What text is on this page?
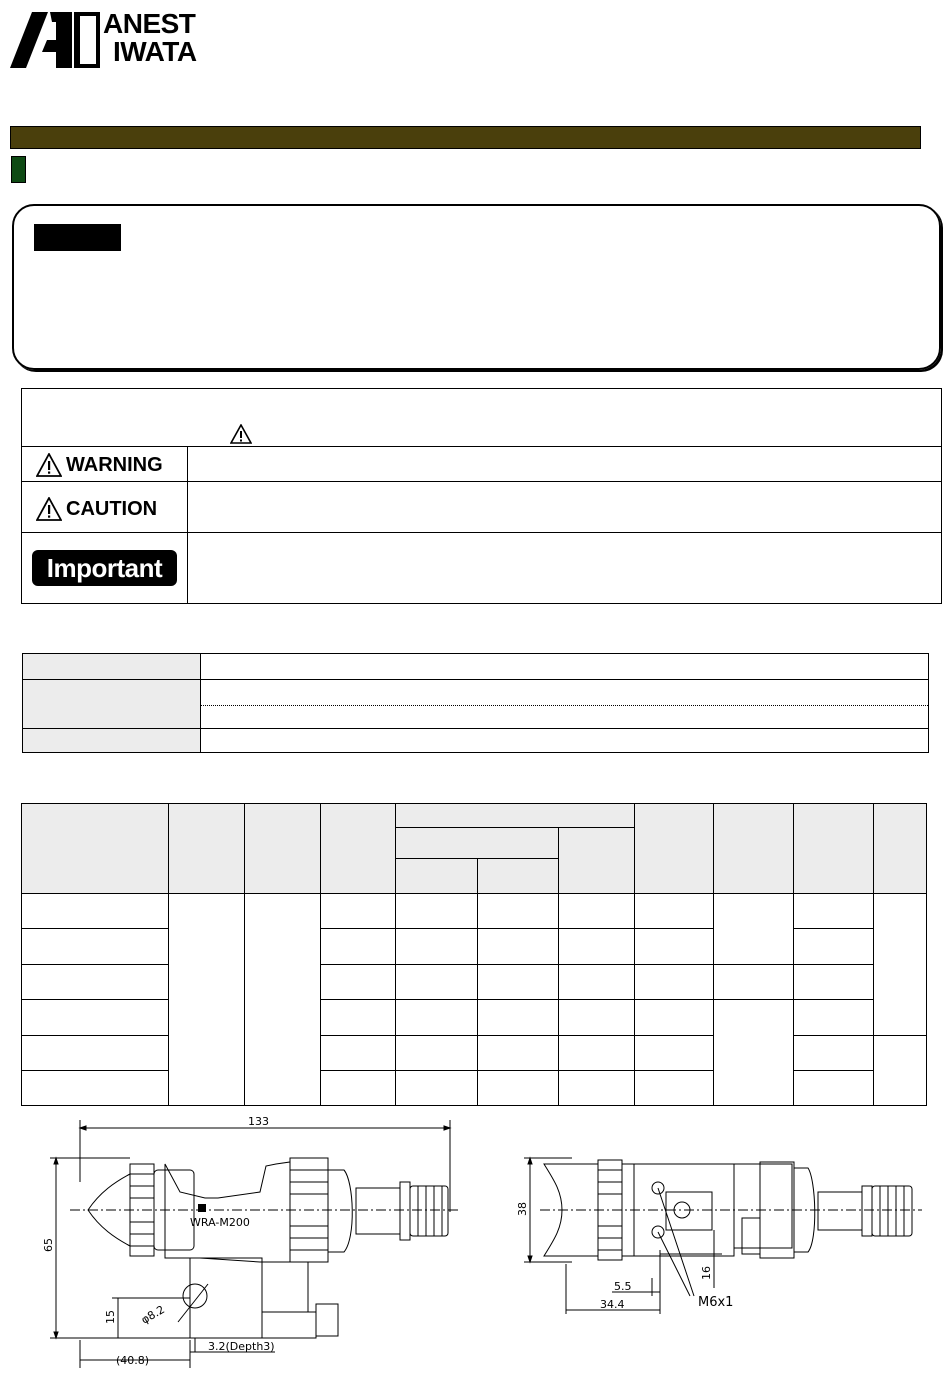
ANEST
IWATA
WARNING
CAUTION
Important
WRA-M200
133
65
15 φ8.2
3.2(Depth3)
(40.8)
38
5.5
34.4
16
M6x1
